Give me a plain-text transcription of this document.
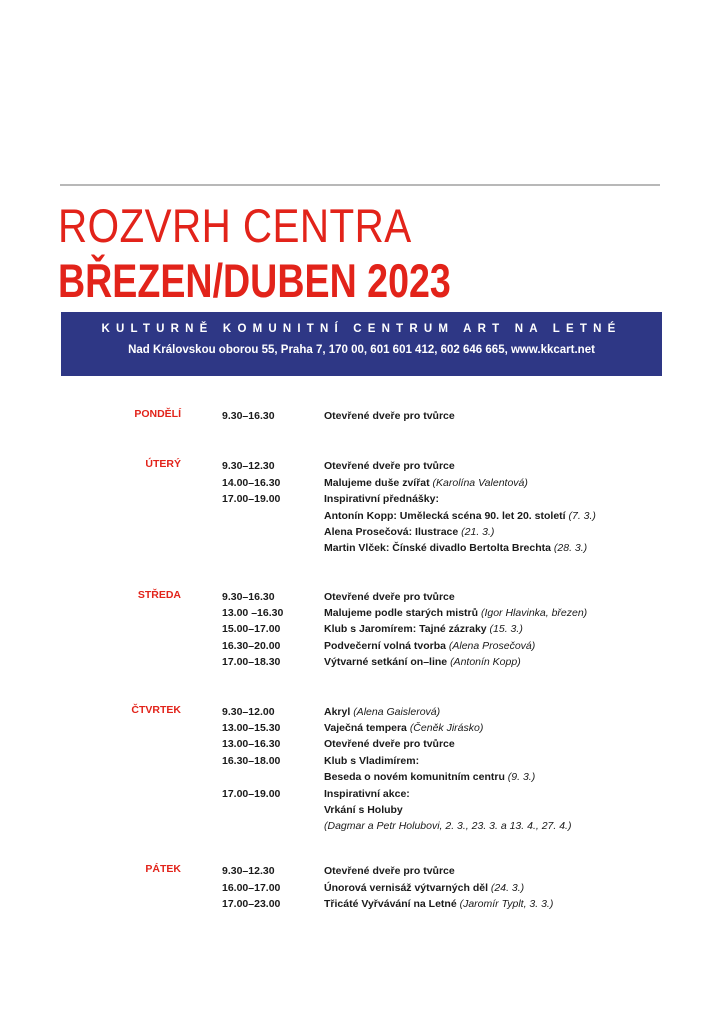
ROZVRH CENTRA
BŘEZEN/DUBEN 2023
KULTURNĚ KOMUNITNÍ CENTRUM ART NA LETNÉ
Nad Královskou oborou 55, Praha 7, 170 00, 601 601 412, 602 646 665, www.kkcart.net
PONDĚLÍ	9.30–16.30	Otevřené dveře pro tvůrce
ÚTERÝ	9.30–12.30	Otevřené dveře pro tvůrce
14.00–16.30	Malujeme duše zvířat (Karolína Valentová)
17.00–19.00	Inspirativní přednášky:
Antonín Kopp: Umělecká scéna 90. let 20. století (7. 3.)
Alena Prosečová: Ilustrace (21. 3.)
Martin Vlček: Čínské divadlo Bertolta Brechta (28. 3.)
STŘEDA	9.30–16.30	Otevřené dveře pro tvůrce
13.00 –16.30	Malujeme podle starých mistrů (Igor Hlavinka, březen)
15.00–17.00	Klub s Jaromírem: Tajné zázraky (15. 3.)
16.30–20.00	Podvečerní volná tvorba (Alena Prosečová)
17.00–18.30	Výtvarné setkání on–line (Antonín Kopp)
ČTVRTEK	9.30–12.00	Akryl (Alena Gaislerová)
13.00–15.30	Vaječná tempera (Čeněk Jirásko)
13.00–16.30	Otevřené dveře pro tvůrce
16.30–18.00	Klub s Vladimírem:
Beseda o novém komunitním centru (9. 3.)
17.00–19.00	Inspirativní akce:
Vrkání s Holuby
(Dagmar a Petr Holubovi, 2. 3., 23. 3. a 13. 4., 27. 4.)
PÁTEK	9.30–12.30	Otevřené dveře pro tvůrce
16.00–17.00	Únorová vernisáž výtvarných děl (24. 3.)
17.00–23.00	Třicáté Vyřvávání na Letné (Jaromír Typlt, 3. 3.)
